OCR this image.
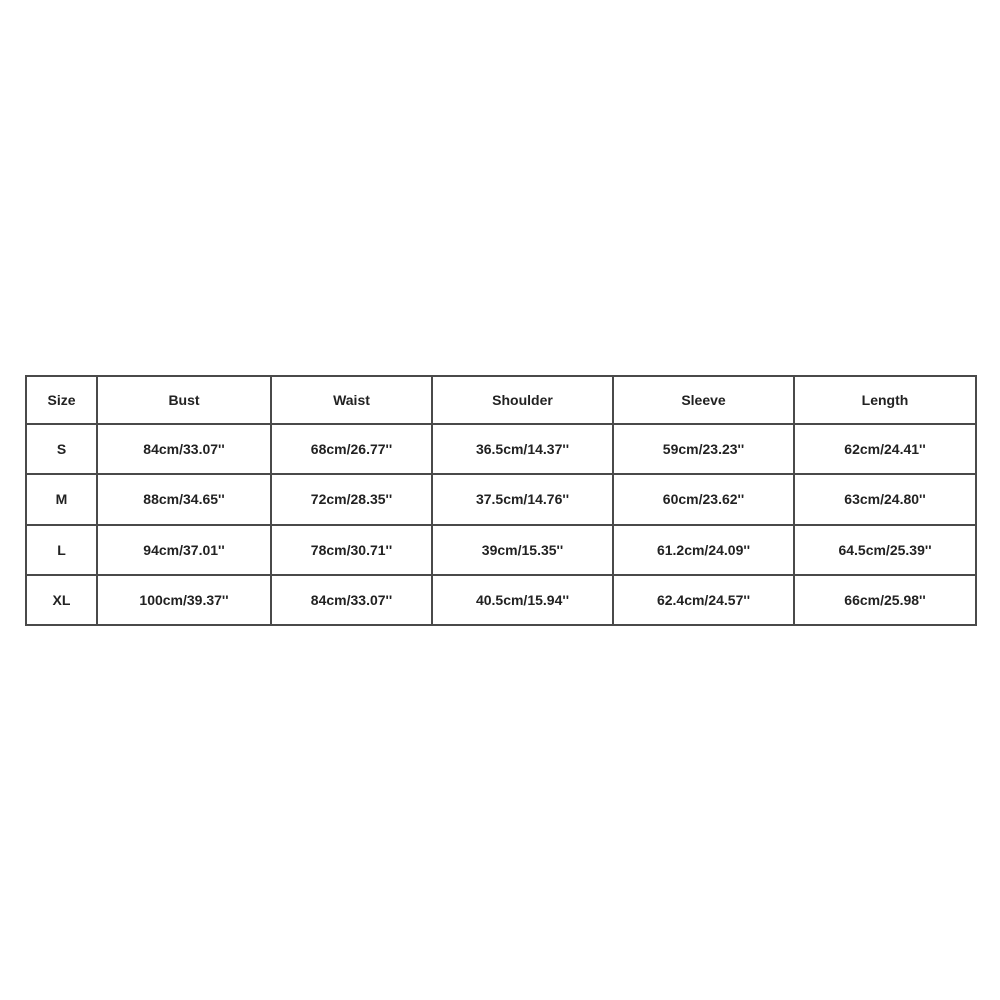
Size	Bust	Waist	Shoulder	Sleeve	Length
S	84cm/33.07''	68cm/26.77''	36.5cm/14.37''	59cm/23.23''	62cm/24.41''
M	88cm/34.65''	72cm/28.35''	37.5cm/14.76''	60cm/23.62''	63cm/24.80''
L	94cm/37.01''	78cm/30.71''	39cm/15.35''	61.2cm/24.09''	64.5cm/25.39''
XL	100cm/39.37''	84cm/33.07''	40.5cm/15.94''	62.4cm/24.57''	66cm/25.98''
